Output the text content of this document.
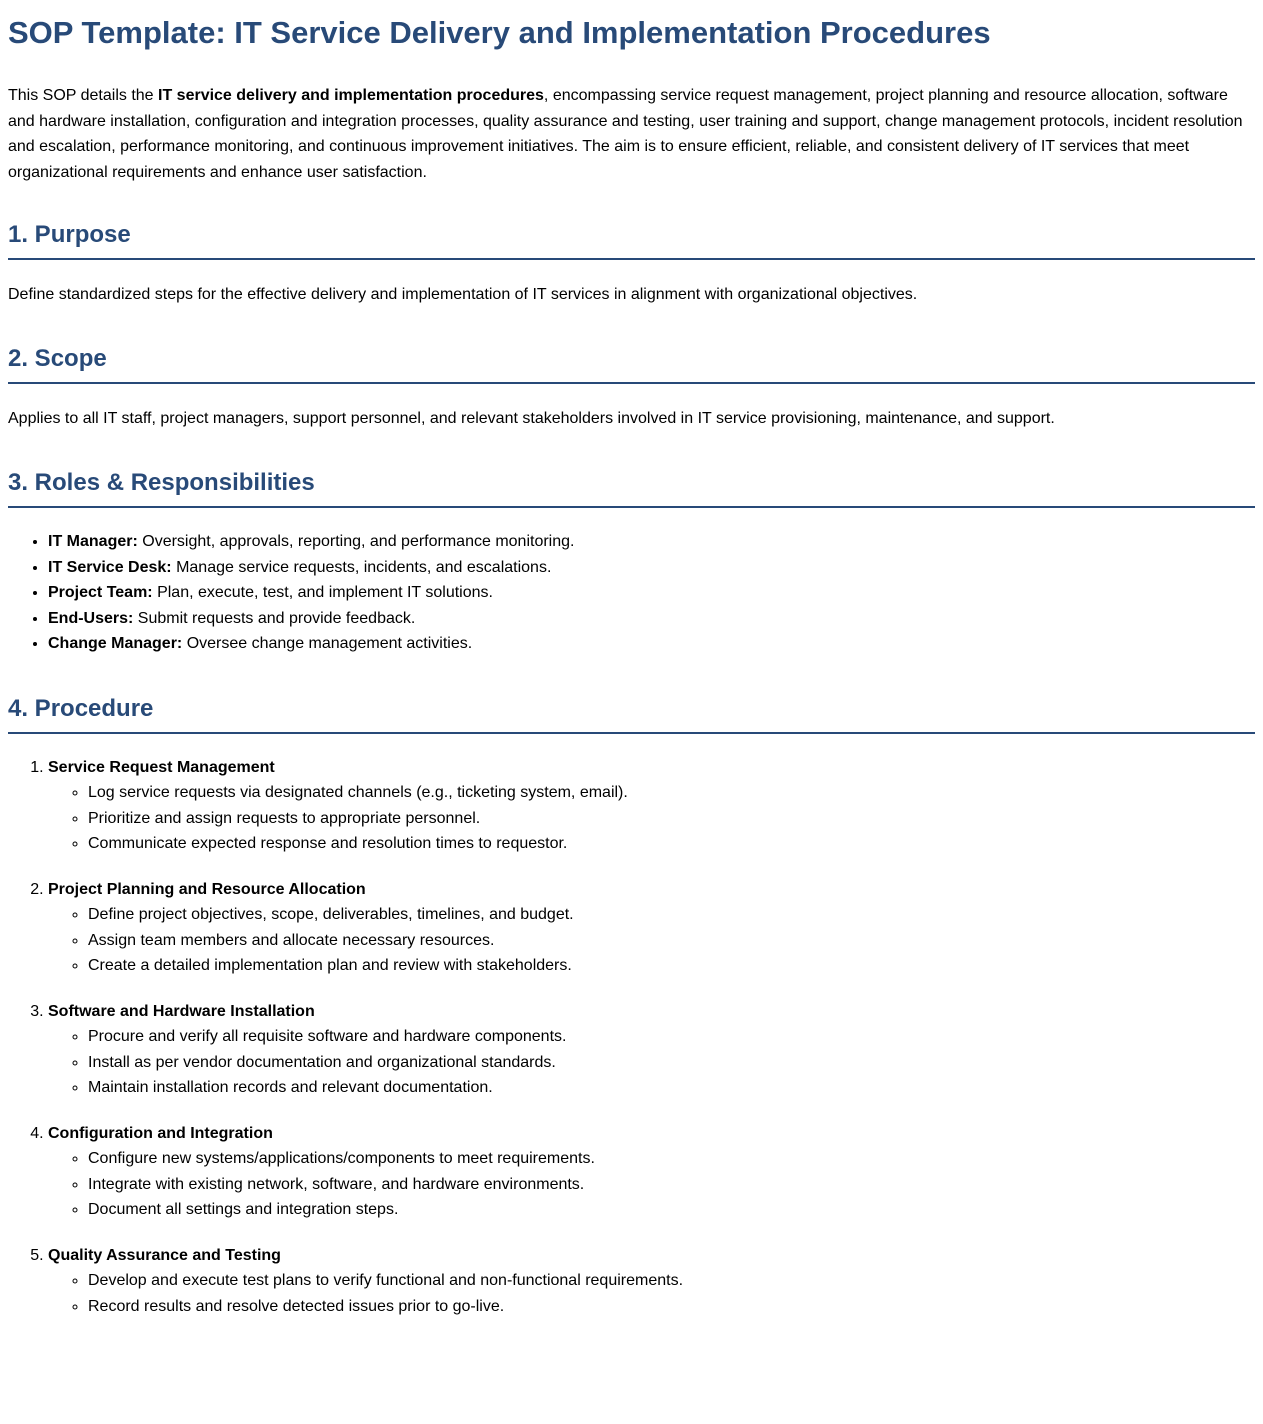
SOP Template: IT Service Delivery and Implementation Procedures

This SOP details the IT service delivery and implementation procedures, encompassing service request management, project planning and resource allocation, software and hardware installation, configuration and integration processes, quality assurance and testing, user training and support, change management protocols, incident resolution and escalation, performance monitoring, and continuous improvement initiatives. The aim is to ensure efficient, reliable, and consistent delivery of IT services that meet organizational requirements and enhance user satisfaction.

1. Purpose

Define standardized steps for the effective delivery and implementation of IT services in alignment with organizational objectives.

2. Scope

Applies to all IT staff, project managers, support personnel, and relevant stakeholders involved in IT service provisioning, maintenance, and support.

3. Roles & Responsibilities
• IT Manager: Oversight, approvals, reporting, and performance monitoring.
• IT Service Desk: Manage service requests, incidents, and escalations.
• Project Team: Plan, execute, test, and implement IT solutions.
• End-Users: Submit requests and provide feedback.
• Change Manager: Oversee change management activities.
4. Procedure
1. Service Request Management
◦ Log service requests via designated channels (e.g., ticketing system, email).
◦ Prioritize and assign requests to appropriate personnel.
◦ Communicate expected response and resolution times to requestor.
2. Project Planning and Resource Allocation
◦ Define project objectives, scope, deliverables, timelines, and budget.
◦ Assign team members and allocate necessary resources.
◦ Create a detailed implementation plan and review with stakeholders.
3. Software and Hardware Installation
◦ Procure and verify all requisite software and hardware components.
◦ Install as per vendor documentation and organizational standards.
◦ Maintain installation records and relevant documentation.
4. Configuration and Integration
◦ Configure new systems/applications/components to meet requirements.
◦ Integrate with existing network, software, and hardware environments.
◦ Document all settings and integration steps.
5. Quality Assurance and Testing
◦ Develop and execute test plans to verify functional and non-functional requirements.
◦ Record results and resolve detected issues prior to go-live.
